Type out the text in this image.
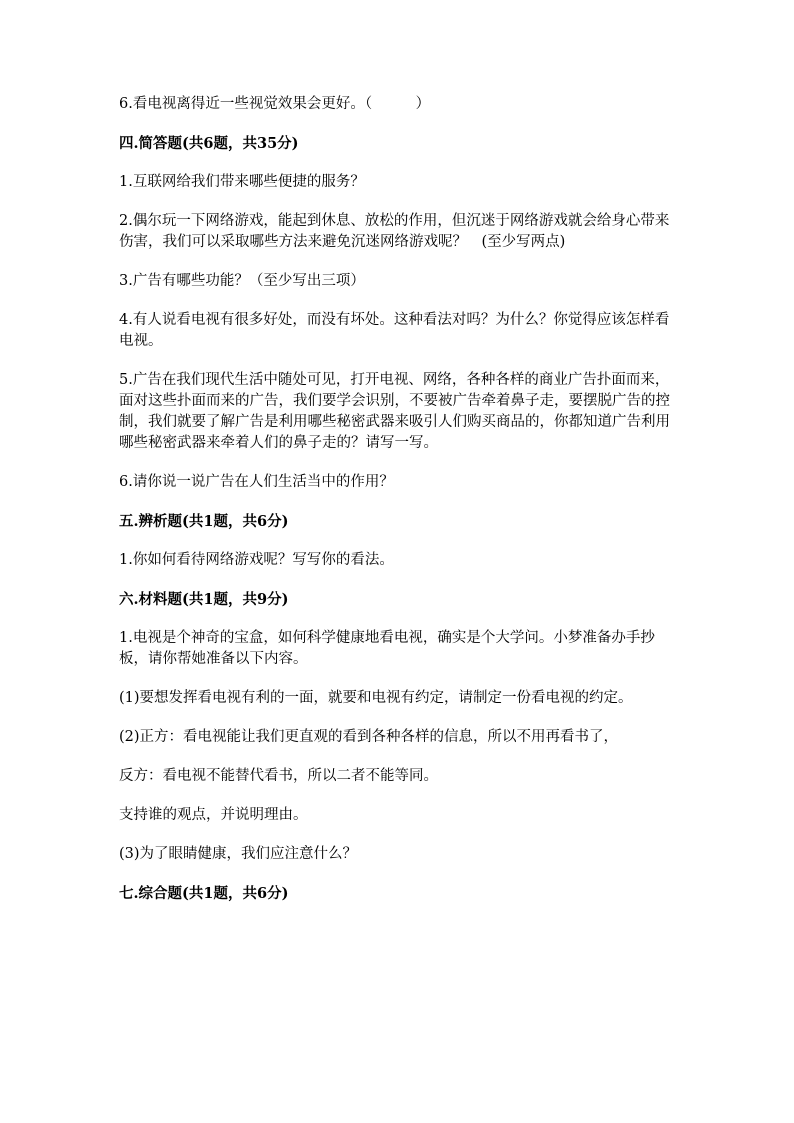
6.看电视离得近一些视觉效果会更好。（　　　）

四.简答题(共6题，共35分)

1.互联网给我们带来哪些便捷的服务？

2.偶尔玩一下网络游戏，能起到休息、放松的作用，但沉迷于网络游戏就会给身心带来伤害，我们可以采取哪些方法来避免沉迷网络游戏呢？　(至少写两点)

3.广告有哪些功能？（至少写出三项）

4.有人说看电视有很多好处，而没有坏处。这种看法对吗？为什么？你觉得应该怎样看电视。

5.广告在我们现代生活中随处可见，打开电视、网络，各种各样的商业广告扑面而来，面对这些扑面而来的广告，我们要学会识别，不要被广告牵着鼻子走，要摆脱广告的控制，我们就要了解广告是利用哪些秘密武器来吸引人们购买商品的，你都知道广告利用哪些秘密武器来牵着人们的鼻子走的？请写一写。

6.请你说一说广告在人们生活当中的作用？

五.辨析题(共1题，共6分)

1.你如何看待网络游戏呢？写写你的看法。

六.材料题(共1题，共9分)

1.电视是个神奇的宝盒，如何科学健康地看电视，确实是个大学问。小梦准备办手抄板，请你帮她准备以下内容。

(1)要想发挥看电视有利的一面，就要和电视有约定，请制定一份看电视的约定。

(2)正方：看电视能让我们更直观的看到各种各样的信息，所以不用再看书了，

反方：看电视不能替代看书，所以二者不能等同。

支持谁的观点，并说明理由。

(3)为了眼睛健康，我们应注意什么？

七.综合题(共1题，共6分)
